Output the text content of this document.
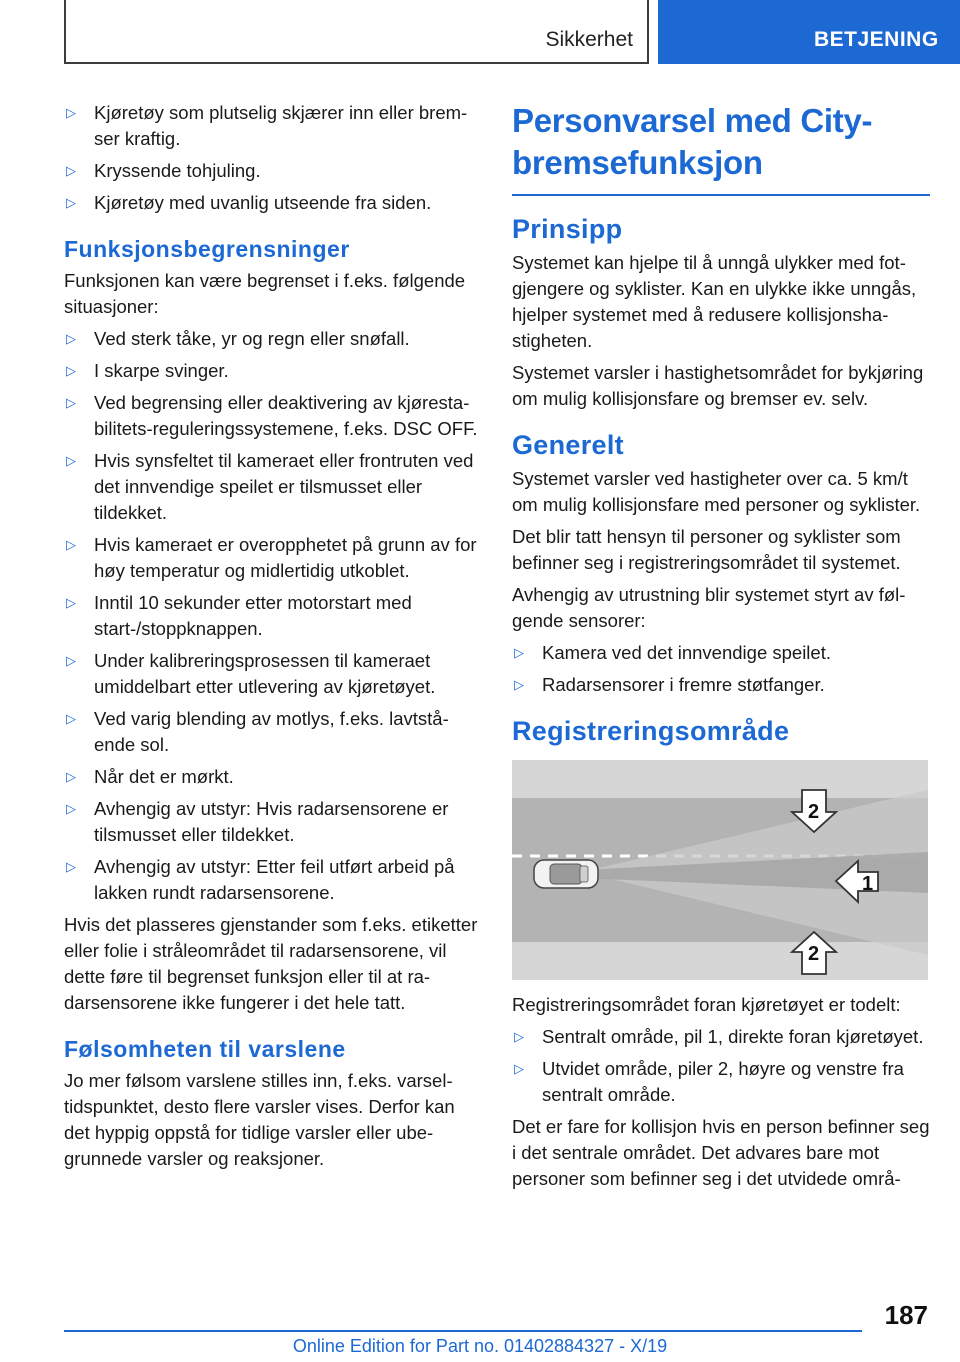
Sikkerhet	BETJENING
▷ Kjøretøy som plutselig skjærer inn eller bremser kraftig.
▷ Kryssende tohjuling.
▷ Kjøretøy med uvanlig utseende fra siden.
Funksjonsbegrensninger

Funksjonen kan være begrenset i f.eks. følgende situasjoner:

▷ Ved sterk tåke, yr og regn eller snøfall.
▷ I skarpe svinger.
▷ Ved begrensing eller deaktivering av kjørestabilitets-reguleringssystemene, f.eks. DSC OFF.
▷ Hvis synsfeltet til kameraet eller frontruten ved det innvendige speilet er tilsmusset eller tildekket.
▷ Hvis kameraet er overopphetet på grunn av for høy temperatur og midlertidig utkoblet.
▷ Inntil 10 sekunder etter motorstart med start-/stoppknappen.
▷ Under kalibreringsprosessen til kameraet umiddelbart etter utlevering av kjøretøyet.
▷ Ved varig blending av motlys, f.eks. lavtstående sol.
▷ Når det er mørkt.
▷ Avhengig av utstyr: Hvis radarsensorene er tilsmusset eller tildekket.
▷ Avhengig av utstyr: Etter feil utført arbeid på lakken rundt radarsensorene.

Hvis det plasseres gjenstander som f.eks. etiketter eller folie i stråleområdet til radarsensorene, vil dette føre til begrenset funksjon eller til at radarsensorene ikke fungerer i det hele tatt.

Følsomheten til varslene

Jo mer følsom varslene stilles inn, f.eks. varseltidspunktet, desto flere varsler vises. Derfor kan det hyppig oppstå for tidlige varsler eller ubegrunnede varsler og reaksjoner.

Personvarsel med City-bremsefunksjon
Prinsipp

Systemet kan hjelpe til å unngå ulykker med fotgjengere og syklister. Kan en ulykke ikke unngås, hjelper systemet med å redusere kollisjonshastigheten.

Systemet varsler i hastighetsområdet for bykjøring om mulig kollisjonsfare og bremser ev. selv.

Generelt

Systemet varsler ved hastigheter over ca. 5 km/t om mulig kollisjonsfare med personer og syklister.

Det blir tatt hensyn til personer og syklister som befinner seg i registreringsområdet til systemet.

Avhengig av utrustning blir systemet styrt av følgende sensorer:

▷ Kamera ved det innvendige speilet.
▷ Radarsensorer i fremre støtfanger.
Registreringsområde
1
2
2

Registreringsområdet foran kjøretøyet er todelt:

▷ Sentralt område, pil 1, direkte foran kjøretøyet.
▷ Utvidet område, piler 2, høyre og venstre fra sentralt område.

Det er fare for kollisjon hvis en person befinner seg i det sentrale området. Det advares bare mot personer som befinner seg i det utvidede områ-

187
Online Edition for Part no. 01402884327 - X/19
